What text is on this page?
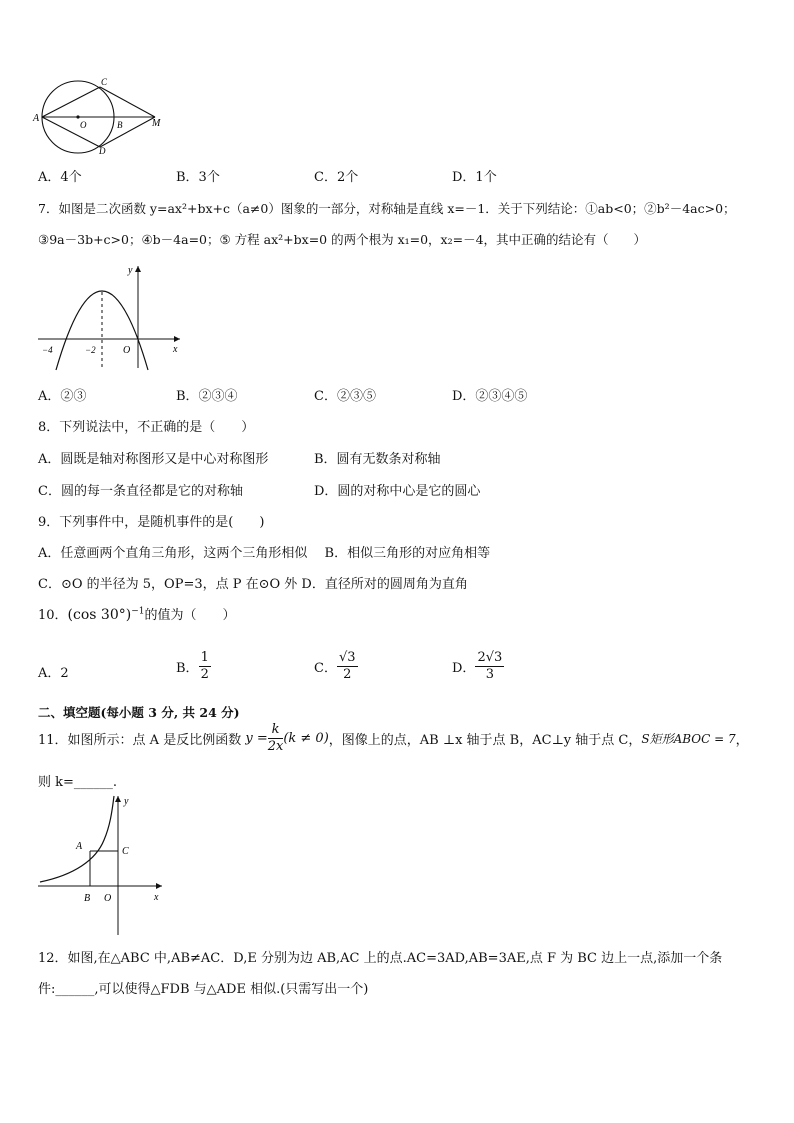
A
O	B	M
C
D
A．4个	B．3个	C．2个	D．1个
7．如图是二次函数 y=ax²+bx+c（a≠0）图象的一部分，对称轴是直线 x=－1．关于下列结论：①ab<0；②b²－4ac>0；
③9a－3b+c>0；④b－4a=0；⑤ 方程 ax²+bx=0 的两个根为 x₁=0，x₂=－4，其中正确的结论有（　　）
y
x
−4	−2	O
A．②③	B．②③④	C．②③⑤	D．②③④⑤
8．下列说法中，不正确的是（　　）
A．圆既是轴对称图形又是中心对称图形	B．圆有无数条对称轴
C．圆的每一条直径都是它的对称轴	D．圆的对称中心是它的圆心
9．下列事件中，是随机事件的是(　　)
A．任意画两个直角三角形，这两个三角形相似　 B．相似三角形的对应角相等
C．⊙O 的半径为 5，OP=3，点 P 在⊙O 外 D．直径所对的圆周角为直角
10．(cos 30°)$^{-1}$的值为（　　）
A．2	B． $\frac{1}{2}$	C． $\frac{√3}{2}$	D． $\frac{2√3}{3}$
二、填空题(每小题 3 分, 共 24 分)
11．如图所示：点 A 是反比例函数 $y = \frac{k}{2x} (k \ne 0)$，图像上的点，AB ⊥x 轴于点 B，AC⊥y 轴于点 C，S矩形ABOC = 7，
则 k=______.
y
x
A	C
B O
12．如图,在△ABC 中,AB≠AC．D,E 分别为边 AB,AC 上的点.AC=3AD,AB=3AE,点 F 为 BC 边上一点,添加一个条
件:______,可以使得△FDB 与△ADE 相似.(只需写出一个)
